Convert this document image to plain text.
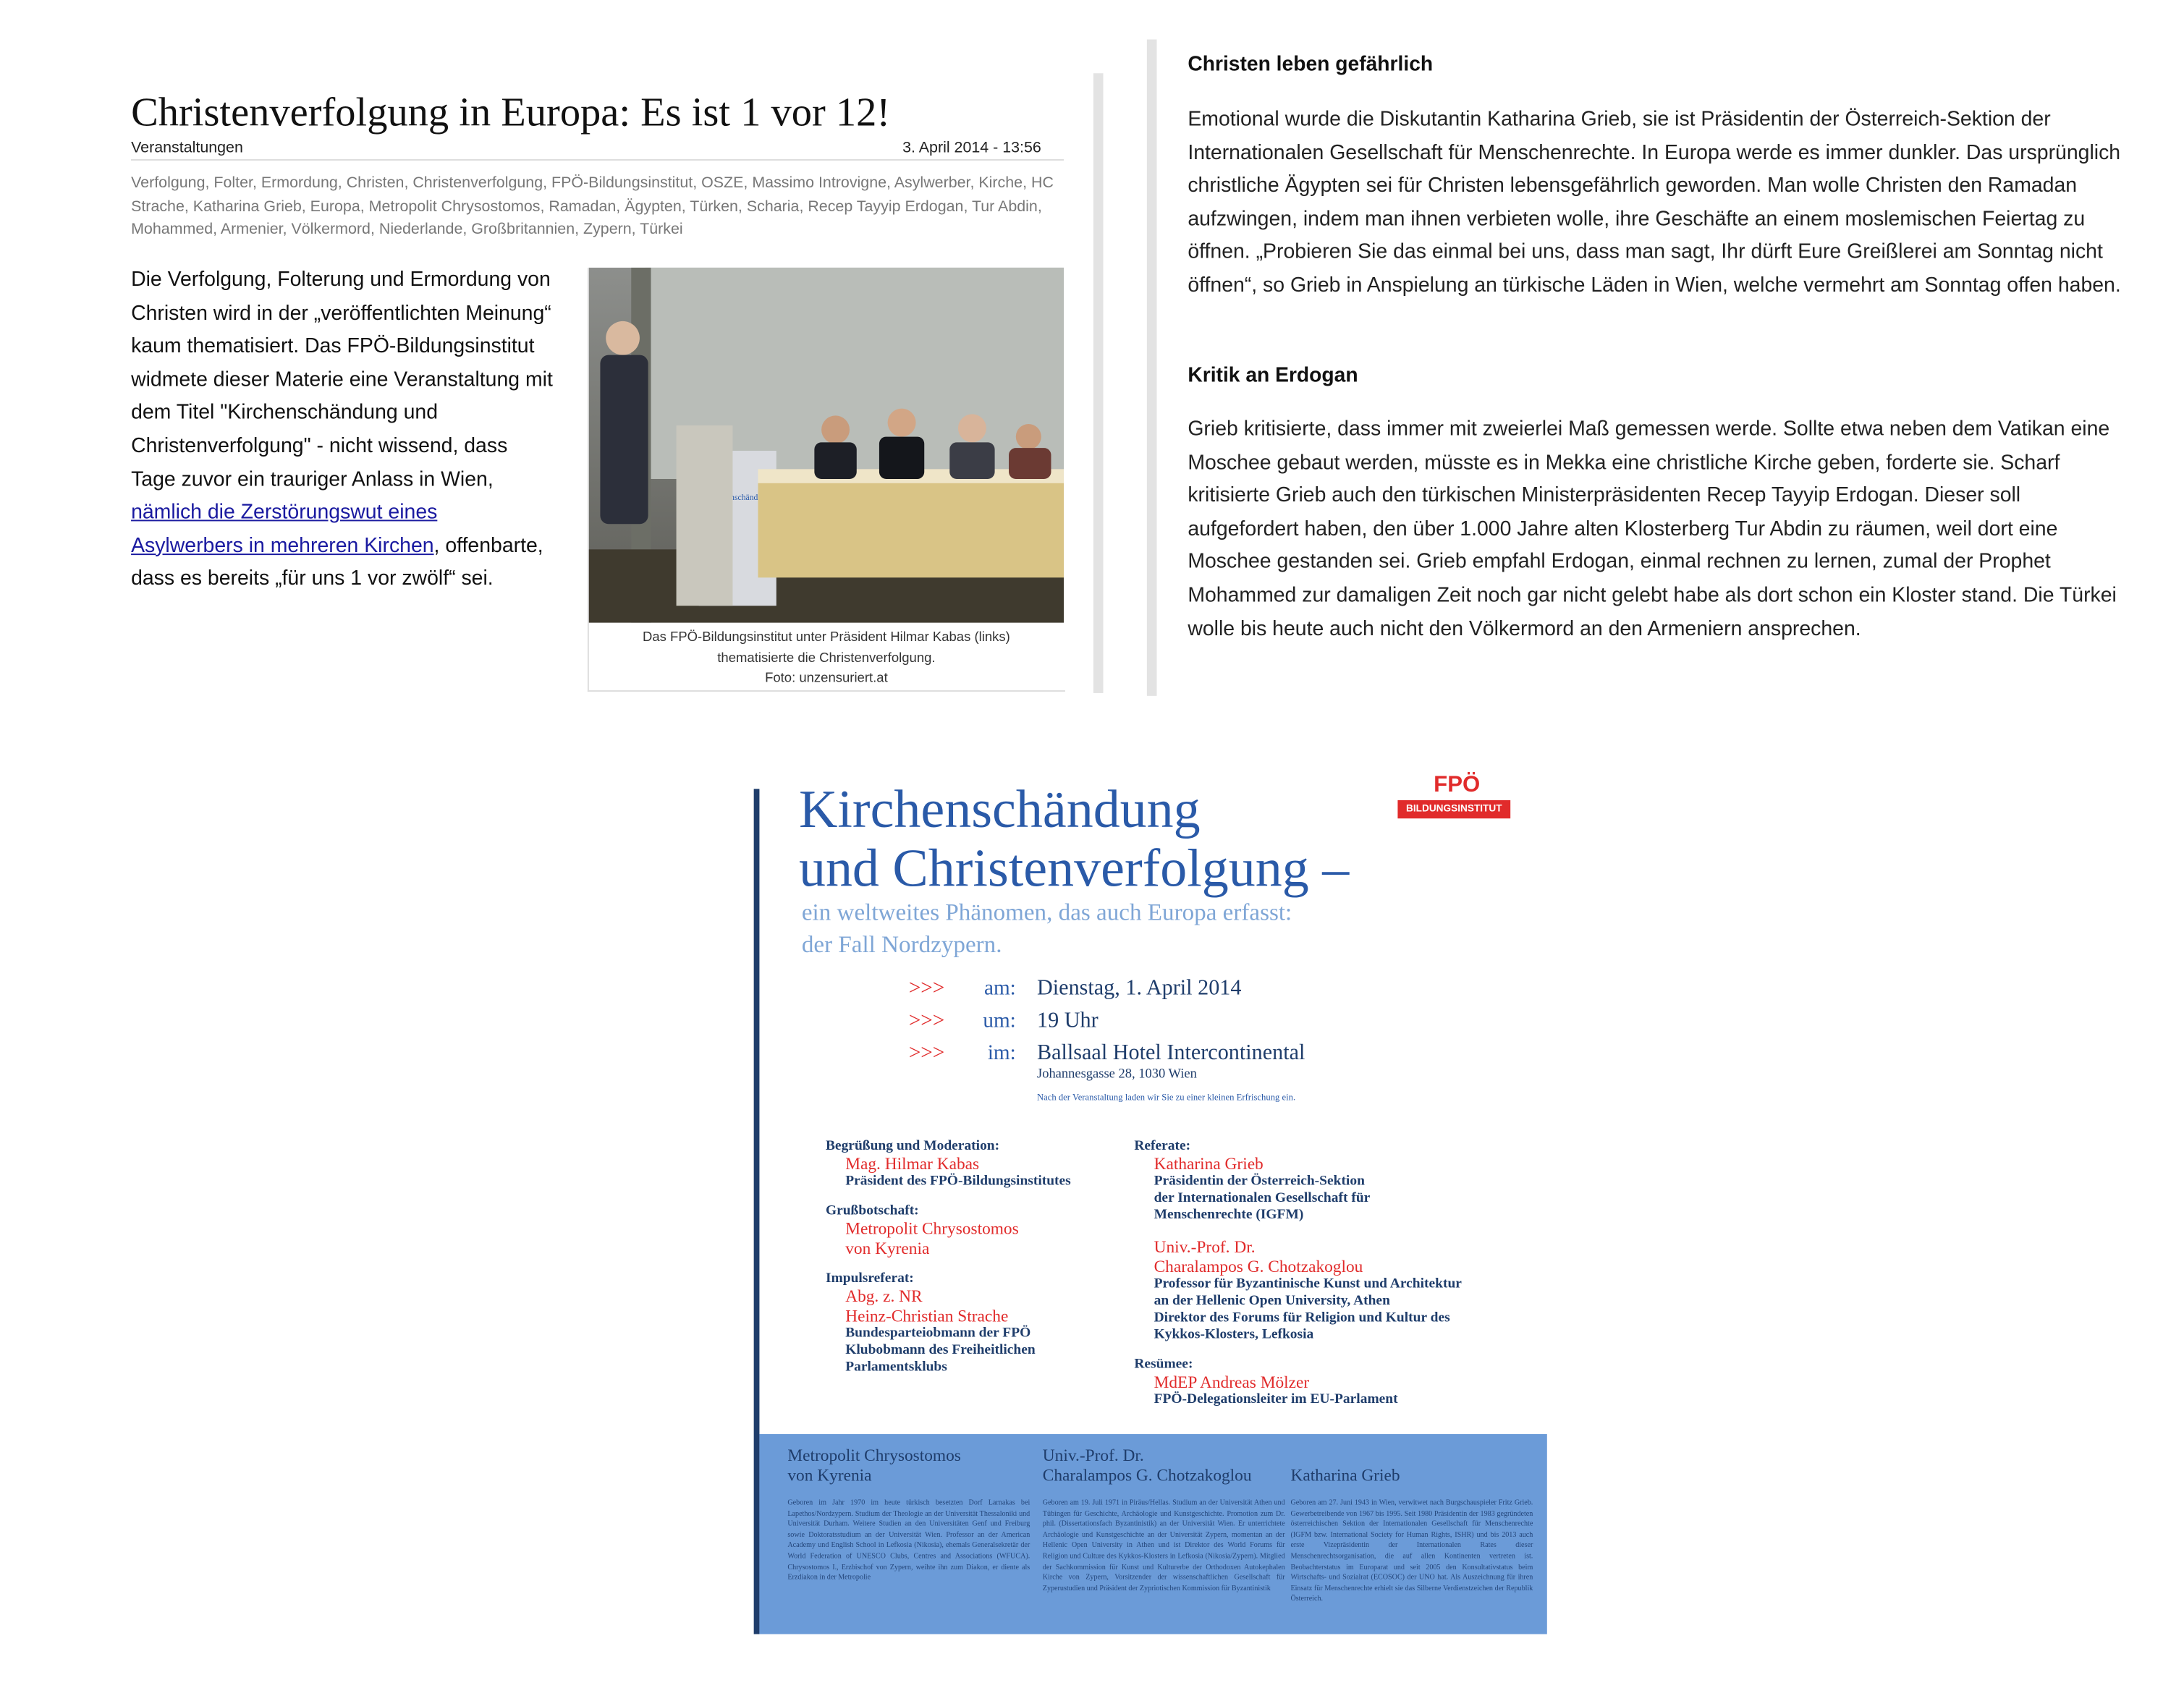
Christenverfolgung in Europa: Es ist 1 vor 12!
Veranstaltungen	3. April 2014 - 13:56
Verfolgung, Folter, Ermordung, Christen, Christenverfolgung, FPÖ-Bildungsinstitut, OSZE, Massimo Introvigne, Asylwerber, Kirche, HC Strache, Katharina Grieb, Europa, Metropolit Chrysostomos, Ramadan, Ägypten, Türken, Scharia, Recep Tayyip Erdogan, Tur Abdin, Mohammed, Armenier, Völkermord, Niederlande, Großbritannien, Zypern, Türkei
Die Verfolgung, Folterung und Ermordung von Christen wird in der „veröffentlichten Meinung“ kaum thematisiert. Das FPÖ-Bildungsinstitut widmete dieser Materie eine Veranstaltung mit dem Titel "Kirchenschändung und Christenverfolgung" - nicht wissend, dass Tage zuvor ein trauriger Anlass in Wien, nämlich die Zerstörungswut eines Asylwerbers in mehreren Kirchen, offenbarte, dass es bereits „für uns 1 vor zwölf“ sei.
Kirchenschändung
Das FPÖ-Bildungsinstitut unter Präsident Hilmar Kabas (links)
thematisierte die Christenverfolgung.
Foto: unzensuriert.at
Christen leben gefährlich
Emotional wurde die Diskutantin Katharina Grieb, sie ist Präsidentin der Österreich-Sektion der Internationalen Gesellschaft für Menschenrechte. In Europa werde es immer dunkler. Das ursprünglich christliche Ägypten sei für Christen lebensgefährlich geworden. Man wolle Christen den Ramadan aufzwingen, indem man ihnen verbieten wolle, ihre Geschäfte an einem moslemischen Feiertag zu öffnen. „Probieren Sie das einmal bei uns, dass man sagt, Ihr dürft Eure Greißlerei am Sonntag nicht öffnen“, so Grieb in Anspielung an türkische Läden in Wien, welche vermehrt am Sonntag offen haben.
Kritik an Erdogan
Grieb kritisierte, dass immer mit zweierlei Maß gemessen werde. Sollte etwa neben dem Vatikan eine Moschee gebaut werden, müsste es in Mekka eine christliche Kirche geben, forderte sie. Scharf kritisierte Grieb auch den türkischen Ministerpräsidenten Recep Tayyip Erdogan. Dieser soll aufgefordert haben, den über 1.000 Jahre alten Klosterberg Tur Abdin zu räumen, weil dort eine Moschee gestanden sei. Grieb empfahl Erdogan, einmal rechnen zu lernen, zumal der Prophet Mohammed zur damaligen Zeit noch gar nicht gelebt habe als dort schon ein Kloster stand. Die Türkei wolle bis heute auch nicht den Völkermord an den Armeniern ansprechen.
FPÖ
BILDUNGSINSTITUT
Kirchenschändung
und Christenverfolgung –
ein weltweites Phänomen, das auch Europa erfasst:
der Fall Nordzypern.
>>>	am: Dienstag, 1. April 2014
>>>	um: 19 Uhr
>>>	im: Ballsaal Hotel Intercontinental
Johannesgasse 28, 1030 Wien
Nach der Veranstaltung laden wir Sie zu einer kleinen Erfrischung ein.
Begrüßung und Moderation:
Mag. Hilmar Kabas
Präsident des FPÖ-Bildungsinstitutes
Grußbotschaft:
Metropolit Chrysostomos
von Kyrenia
Impulsreferat:
Abg. z. NR
Heinz-Christian Strache
Bundesparteiobmann der FPÖ
Klubobmann des Freiheitlichen
Parlamentsklubs
Referate:
Katharina Grieb
Präsidentin der Österreich-Sektion
der Internationalen Gesellschaft für
Menschenrechte (IGFM)
Univ.-Prof. Dr.
Charalampos G. Chotzakoglou
Professor für Byzantinische Kunst und Architektur
an der Hellenic Open University, Athen
Direktor des Forums für Religion und Kultur des
Kykkos-Klosters, Lefkosia
Resümee:
MdEP Andreas Mölzer
FPÖ-Delegationsleiter im EU-Parlament
Metropolit Chrysostomos
von Kyrenia
Geboren im Jahr 1970 im heute türkisch besetzten Dorf Larnakas bei Lapethos/Nordzypern. Studium der Theologie an der Universität Thessaloniki und Universität Durham. Weitere Studien an den Universitäten Genf und Freiburg sowie Doktoratsstudium an der Universität Wien. Professor an der American Academy und English School in Lefkosia (Nikosia), ehemals Generalsekretär der World Federation of UNESCO Clubs, Centres and Associations (WFUCA). Chrysostomos I., Erzbischof von Zypern, weihte ihn zum Diakon, er diente als Erzdiakon in der Metropolie
Univ.-Prof. Dr.
Charalampos G. Chotzakoglou
Geboren am 19. Juli 1971 in Piräus/Hellas. Studium an der Universität Athen und Tübingen für Geschichte, Archäologie und Kunstgeschichte. Promotion zum Dr. phil. (Dissertationsfach Byzantinistik) an der Universität Wien. Er unterrichtete Archäologie und Kunstgeschichte an der Universität Zypern, momentan an der Hellenic Open University in Athen und ist Direktor des World Forums für Religion und Culture des Kykkos-Klosters in Lefkosia (Nikosia/Zypern). Mitglied der Sachkommission für Kunst und Kulturerbe der Orthodoxen Autokephalen Kirche von Zypern, Vorsitzender der wissenschaftlichen Gesellschaft für Zyperustudien und Präsident der Zypriotischen Kommission für Byzantinistik
Katharina Grieb
Geboren am 27. Juni 1943 in Wien, verwitwet nach Burgschauspieler Fritz Grieb. Gewerbetreibende von 1967 bis 1995. Seit 1980 Präsidentin der 1983 gegründeten österreichischen Sektion der Internationalen Gesellschaft für Menschenrechte (IGFM bzw. International Society for Human Rights, ISHR) und bis 2013 auch erste Vizepräsidentin der Internationalen Rates dieser Menschenrechtsorganisation, die auf allen Kontinenten vertreten ist. Beobachterstatus im Europarat und seit 2005 den Konsultativstatus beim Wirtschafts- und Sozialrat (ECOSOC) der UNO hat. Als Auszeichnung für ihren Einsatz für Menschenrechte erhielt sie das Silberne Verdienstzeichen der Republik Österreich.
